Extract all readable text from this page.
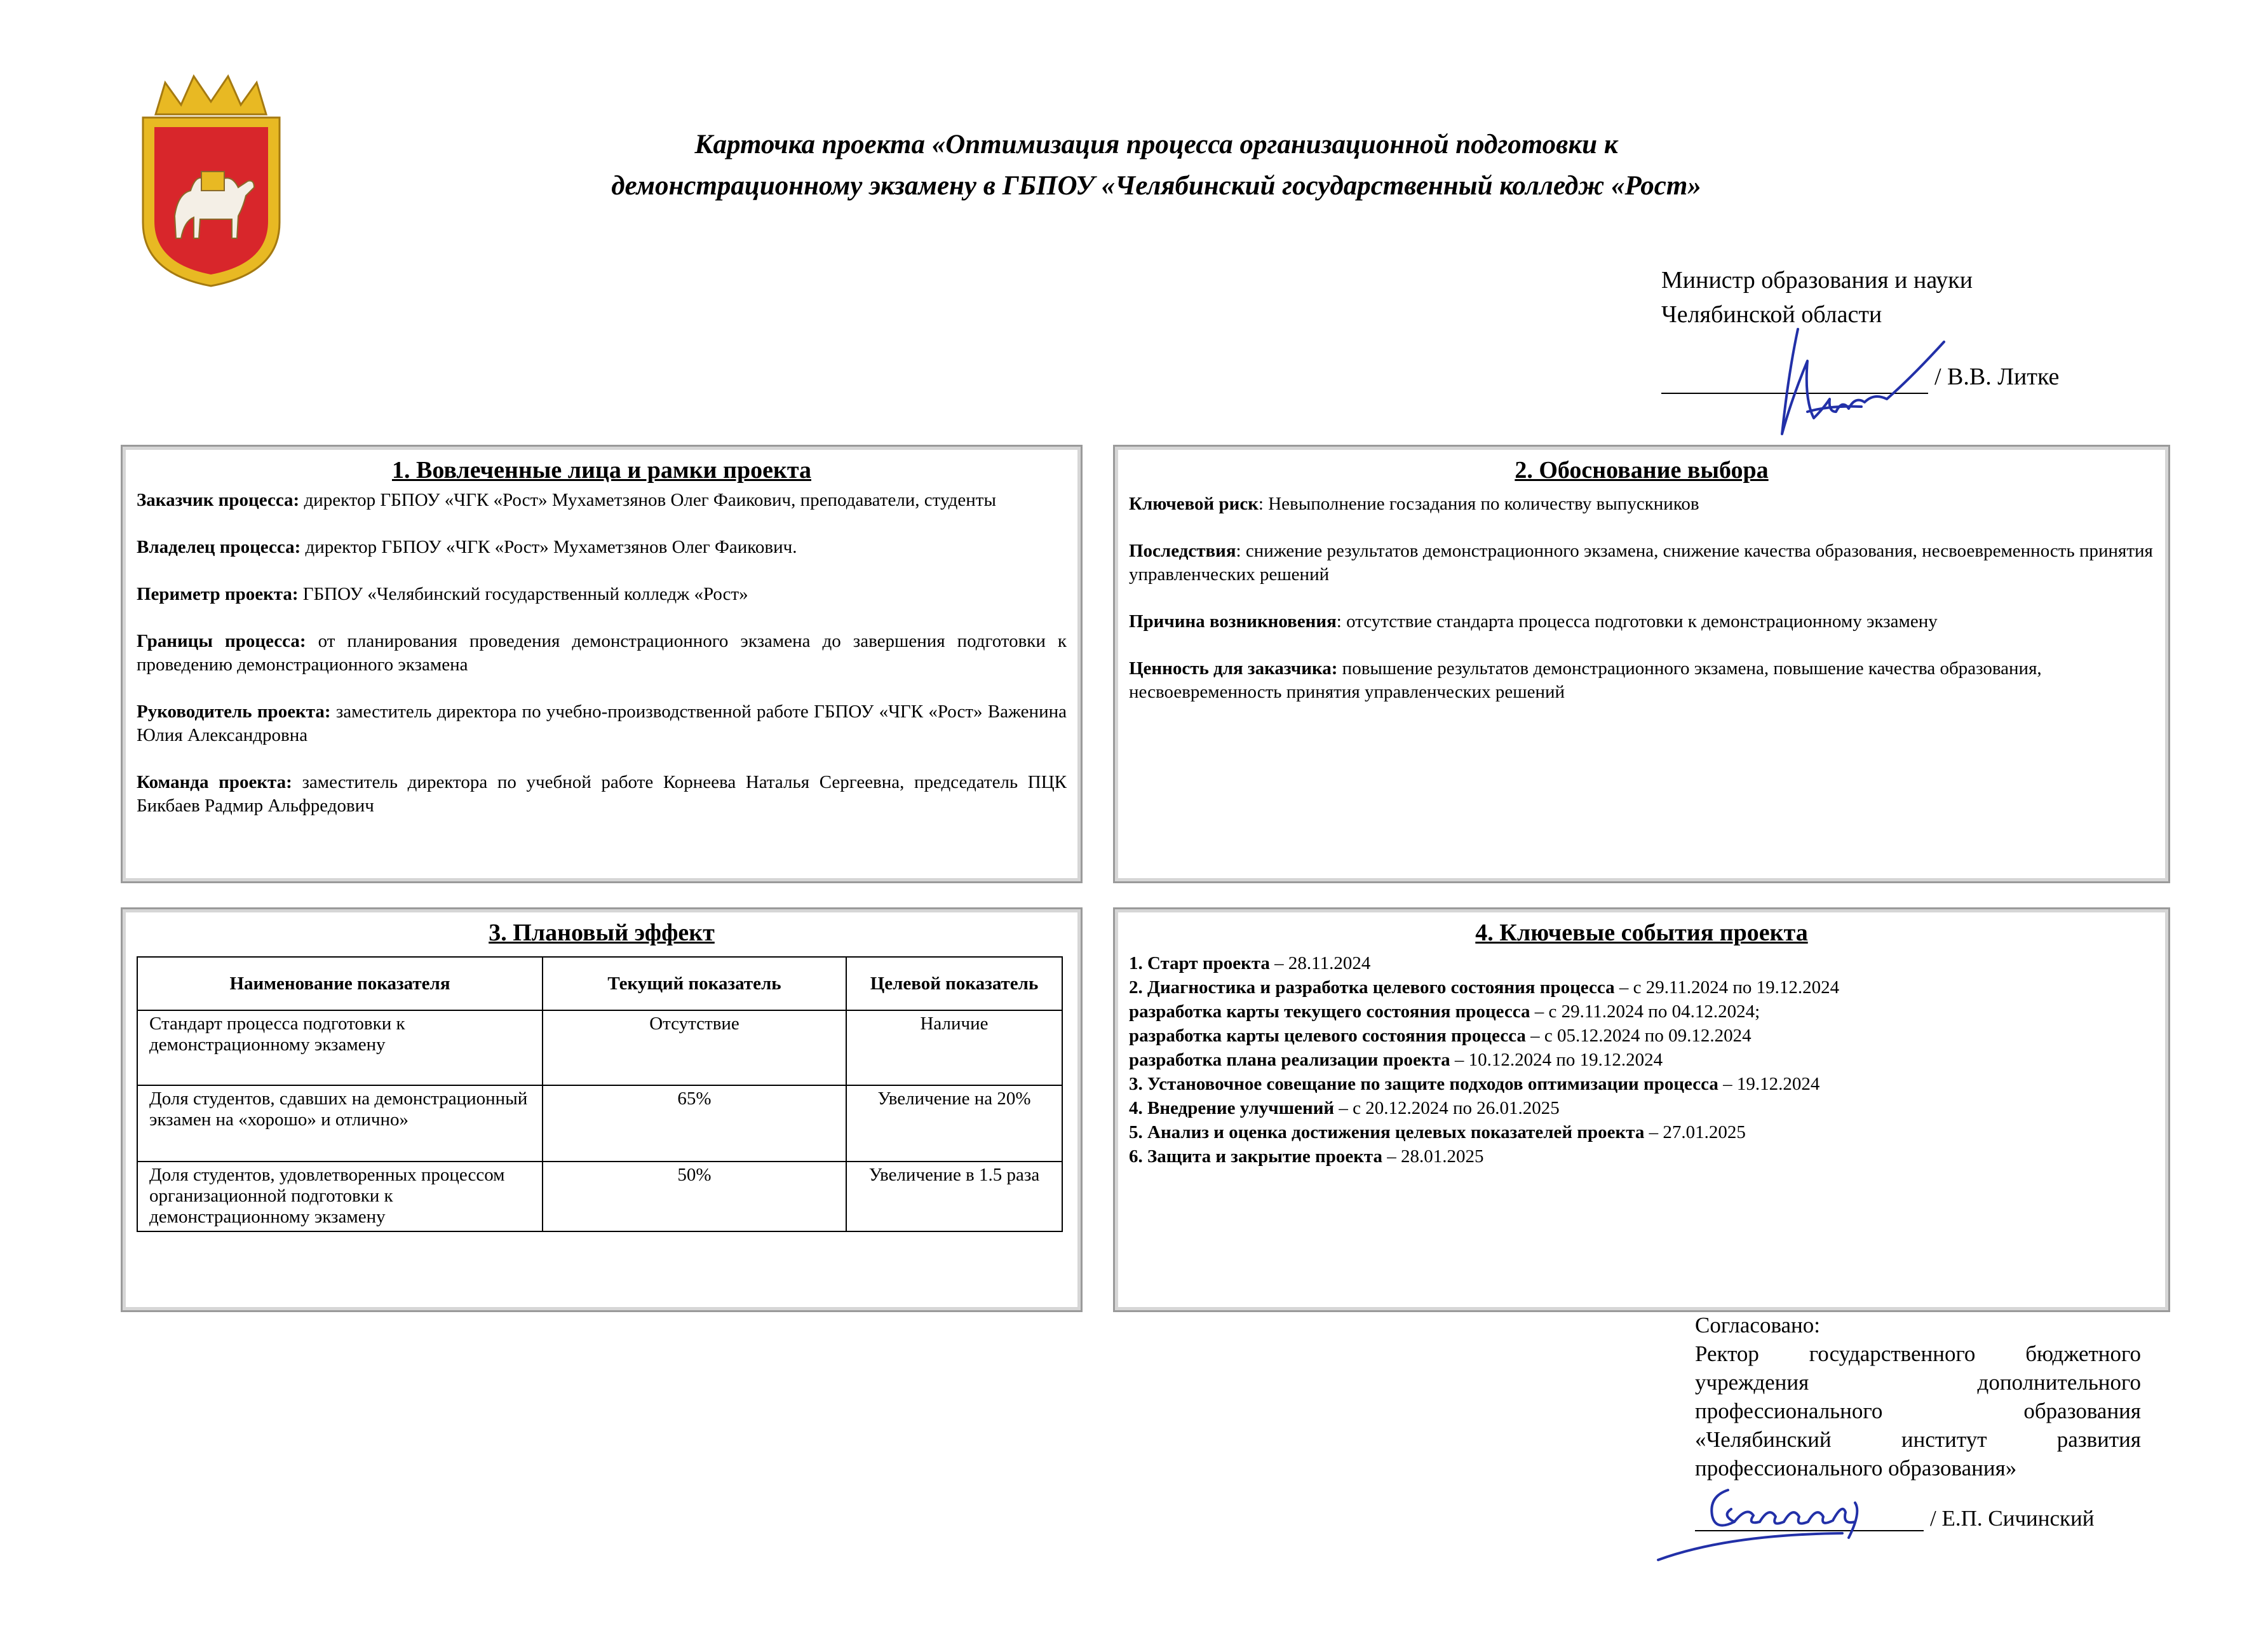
Карточка проекта «Оптимизация процесса организационной подготовки к
демонстрационному экзамену в ГБПОУ «Челябинский государственный колледж «Рост»
Министр образования и науки
Челябинской области
/ В.В. Литке
1. Вовлеченные лица и рамки проекта
Заказчик процесса: директор ГБПОУ «ЧГК «Рост» Мухаметзянов Олег Фаикович, преподаватели, студенты
Владелец процесса: директор ГБПОУ «ЧГК «Рост» Мухаметзянов Олег Фаикович.
Периметр проекта: ГБПОУ «Челябинский государственный колледж «Рост»
Границы процесса: от планирования проведения демонстрационного экзамена до завершения подготовки к проведению демонстрационного экзамена
Руководитель проекта: заместитель директора по учебно-производственной работе ГБПОУ «ЧГК «Рост» Важенина Юлия Александровна
Команда проекта: заместитель директора по учебной работе Корнеева Наталья Сергеевна, председатель ПЦК Бикбаев Радмир Альфредович
2. Обоснование выбора
Ключевой риск: Невыполнение госзадания по количеству выпускников
Последствия: снижение результатов демонстрационного экзамена, снижение качества образования, несвоевременность принятия управленческих решений
Причина возникновения: отсутствие стандарта процесса подготовки к демонстрационному экзамену
Ценность для заказчика: повышение результатов демонстрационного экзамена, повышение качества образования, несвоевременность принятия управленческих решений
3. Плановый эффект
Наименование показателя	Текущий показатель	Целевой показатель
Стандарт процесса подготовки к демонстрационному экзамену	Отсутствие	Наличие
Доля студентов, сдавших на демонстрационный экзамен на «хорошо» и отлично»	65%	Увеличение на 20%
Доля студентов, удовлетворенных процессом организационной подготовки к демонстрационному экзамену	50%	Увеличение в 1.5 раза
4. Ключевые события проекта
1. Старт проекта – 28.11.2024
2. Диагностика и разработка целевого состояния процесса – с 29.11.2024 по 19.12.2024
разработка карты текущего состояния процесса – с 29.11.2024 по 04.12.2024;
разработка карты целевого состояния процесса – с 05.12.2024 по 09.12.2024
разработка плана реализации проекта – 10.12.2024 по 19.12.2024
3. Установочное совещание по защите подходов оптимизации процесса – 19.12.2024
4. Внедрение улучшений – с 20.12.2024 по 26.01.2025
5. Анализ и оценка достижения целевых показателей проекта – 27.01.2025
6. Защита и закрытие проекта – 28.01.2025
Согласовано:
Ректор государственного бюджетного
учреждения дополнительного
профессионального образования
«Челябинский институт развития
профессионального образования»
/ Е.П. Сичинский
